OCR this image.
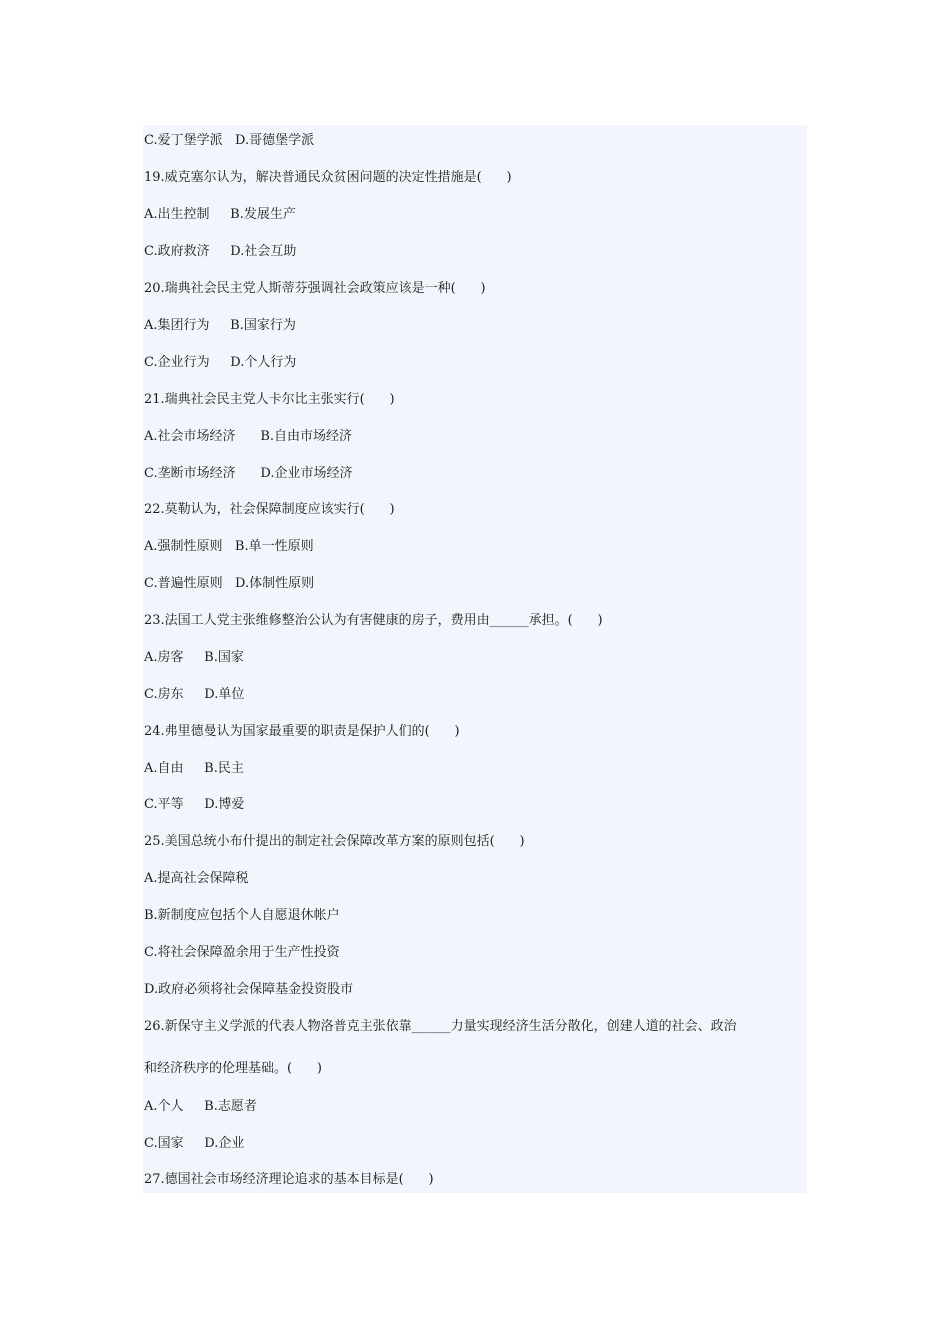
C.爱丁堡学派   D.哥德堡学派
19.威克塞尔认为，解决普通民众贫困问题的决定性措施是(      )
A.出生控制     B.发展生产
C.政府救济     D.社会互助
20.瑞典社会民主党人斯蒂芬强调社会政策应该是一种(      )
A.集团行为     B.国家行为
C.企业行为     D.个人行为
21.瑞典社会民主党人卡尔比主张实行(      )
A.社会市场经济      B.自由市场经济
C.垄断市场经济      D.企业市场经济
22.莫勒认为，社会保障制度应该实行(      )
A.强制性原则   B.单一性原则
C.普遍性原则   D.体制性原则
23.法国工人党主张维修整治公认为有害健康的房子，费用由______承担。(      )
A.房客     B.国家
C.房东     D.单位
24.弗里德曼认为国家最重要的职责是保护人们的(      )
A.自由     B.民主
C.平等     D.博爱
25.美国总统小布什提出的制定社会保障改革方案的原则包括(      )
A.提高社会保障税
B.新制度应包括个人自愿退休帐户
C.将社会保障盈余用于生产性投资
D.政府必须将社会保障基金投资股市
26.新保守主义学派的代表人物洛普克主张依靠______力量实现经济生活分散化，创建人道的社会、政治
和经济秩序的伦理基础。(      )
A.个人     B.志愿者
C.国家     D.企业
27.德国社会市场经济理论追求的基本目标是(      )
